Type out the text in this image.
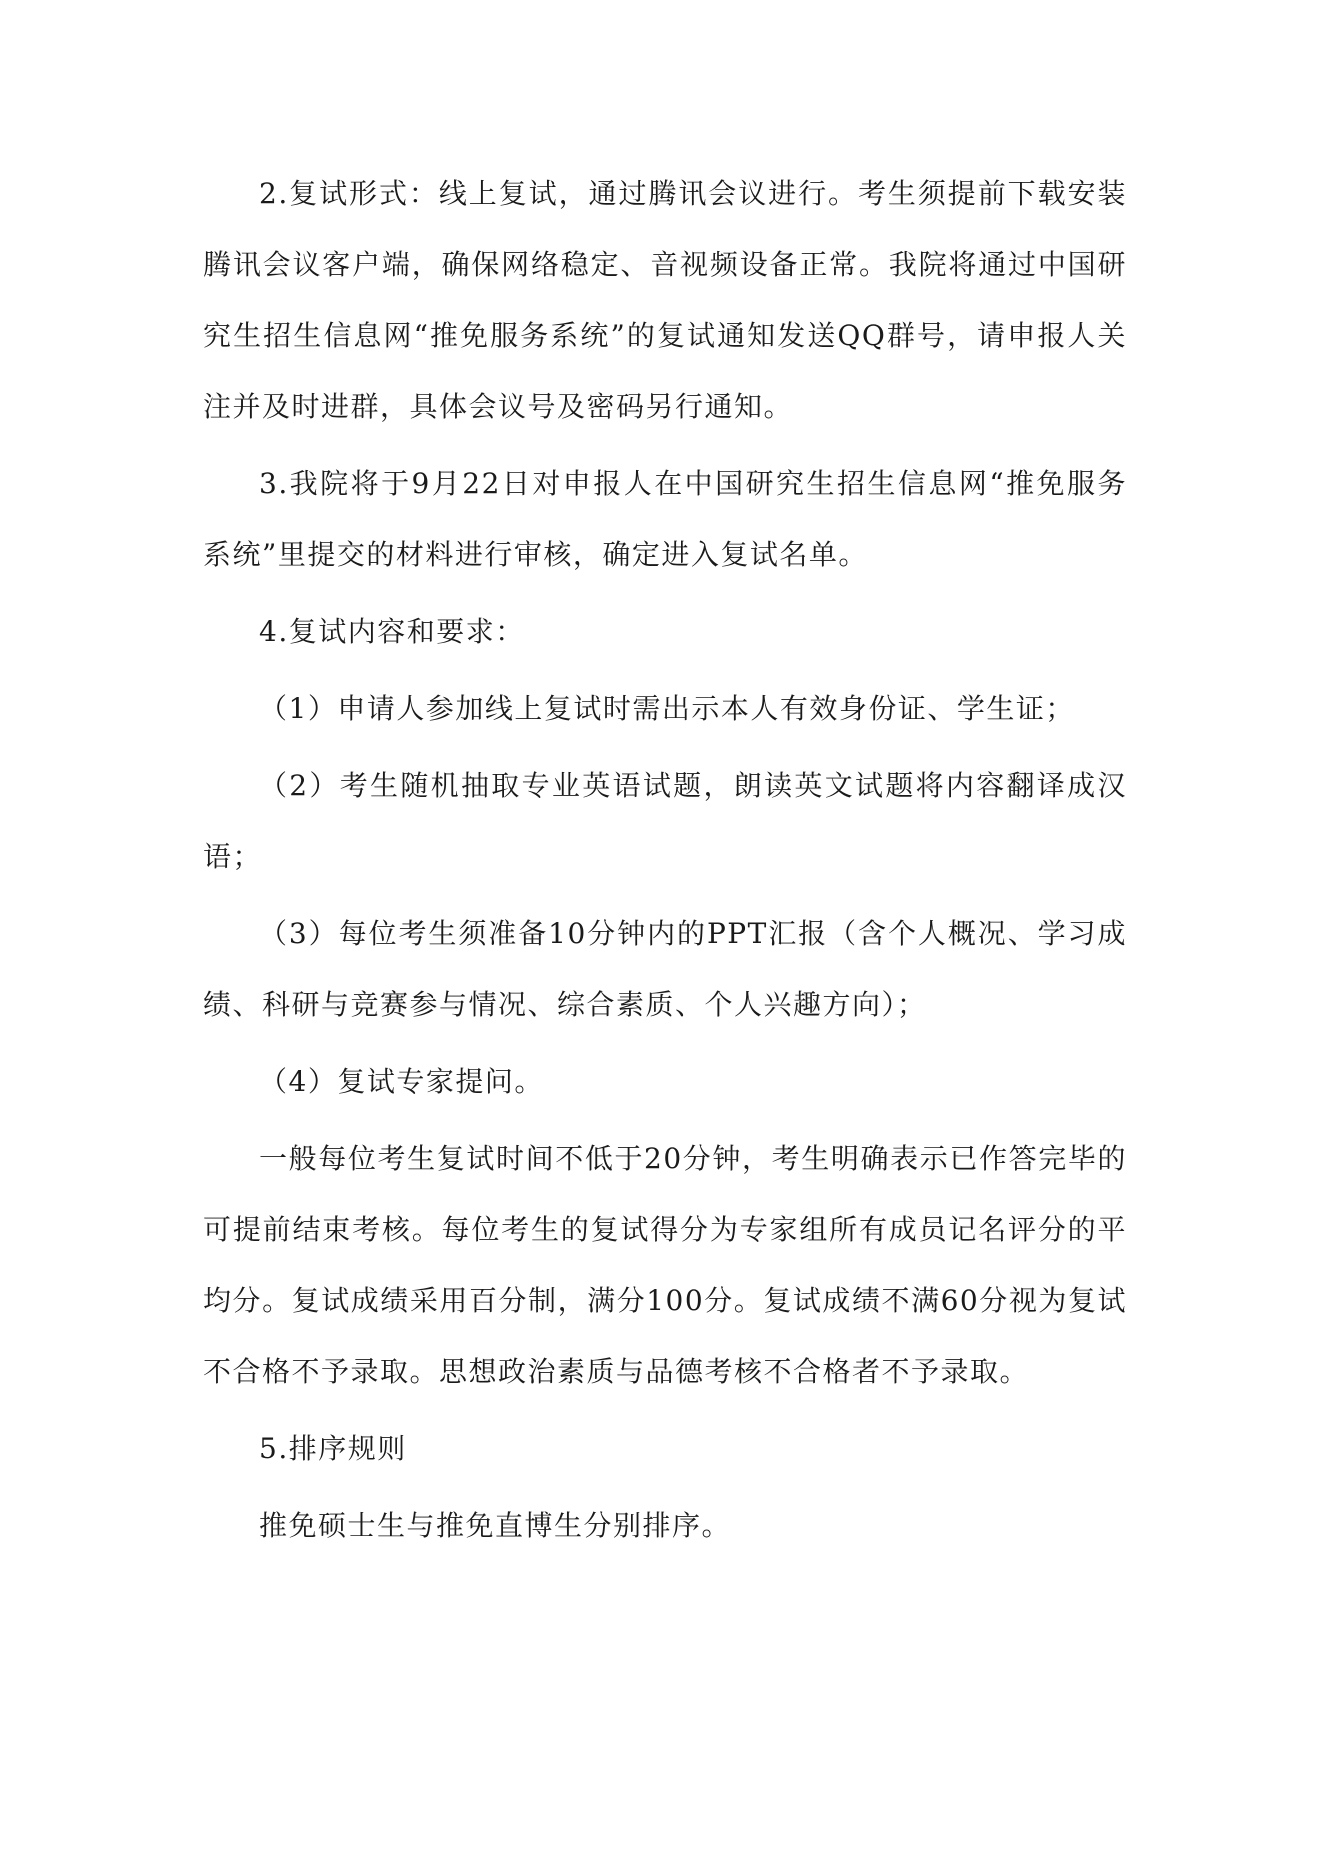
2.复试形式：线上复试，通过腾讯会议进行。考生须提前下载安装腾讯会议客户端，确保网络稳定、音视频设备正常。我院将通过中国研究生招生信息网“推免服务系统”的复试通知发送QQ群号，请申报人关注并及时进群，具体会议号及密码另行通知。

3.我院将于9月22日对申报人在中国研究生招生信息网“推免服务系统”里提交的材料进行审核，确定进入复试名单。

4.复试内容和要求：

（1）申请人参加线上复试时需出示本人有效身份证、学生证；

（2）考生随机抽取专业英语试题，朗读英文试题将内容翻译成汉语；

（3）每位考生须准备10分钟内的PPT汇报（含个人概况、学习成绩、科研与竞赛参与情况、综合素质、个人兴趣方向）；

（4）复试专家提问。

一般每位考生复试时间不低于20分钟，考生明确表示已作答完毕的可提前结束考核。每位考生的复试得分为专家组所有成员记名评分的平均分。复试成绩采用百分制，满分100分。复试成绩不满60分视为复试不合格不予录取。思想政治素质与品德考核不合格者不予录取。

5.排序规则

推免硕士生与推免直博生分别排序。
